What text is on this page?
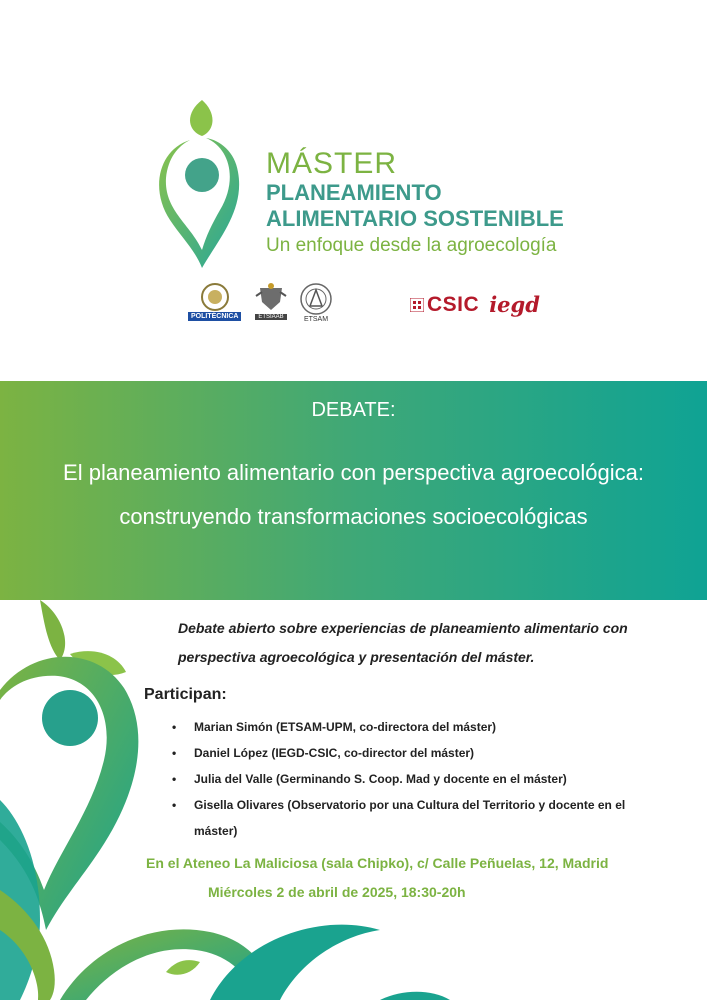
MÁSTER
PLANEAMIENTO
ALIMENTARIO SOSTENIBLE
Un enfoque desde la agroecología
POLITÉCNICA	ETSIAAB	ETSAM
CSIC iegd
DEBATE:
El planeamiento alimentario con perspectiva agroecológica: construyendo transformaciones socioecológicas
Debate abierto sobre experiencias de planeamiento alimentario con perspectiva agroecológica y presentación del máster.
Participan:
• Marian Simón (ETSAM-UPM, co-directora del máster)
• Daniel López (IEGD-CSIC, co-director del máster)
• Julia del Valle (Germinando S. Coop. Mad y docente en el máster)
• Gisella Olivares (Observatorio por una Cultura del Territorio y docente en el máster)
En el Ateneo La Maliciosa (sala Chipko), c/ Calle Peñuelas, 12, Madrid
Miércoles 2 de abril de 2025, 18:30-20h
